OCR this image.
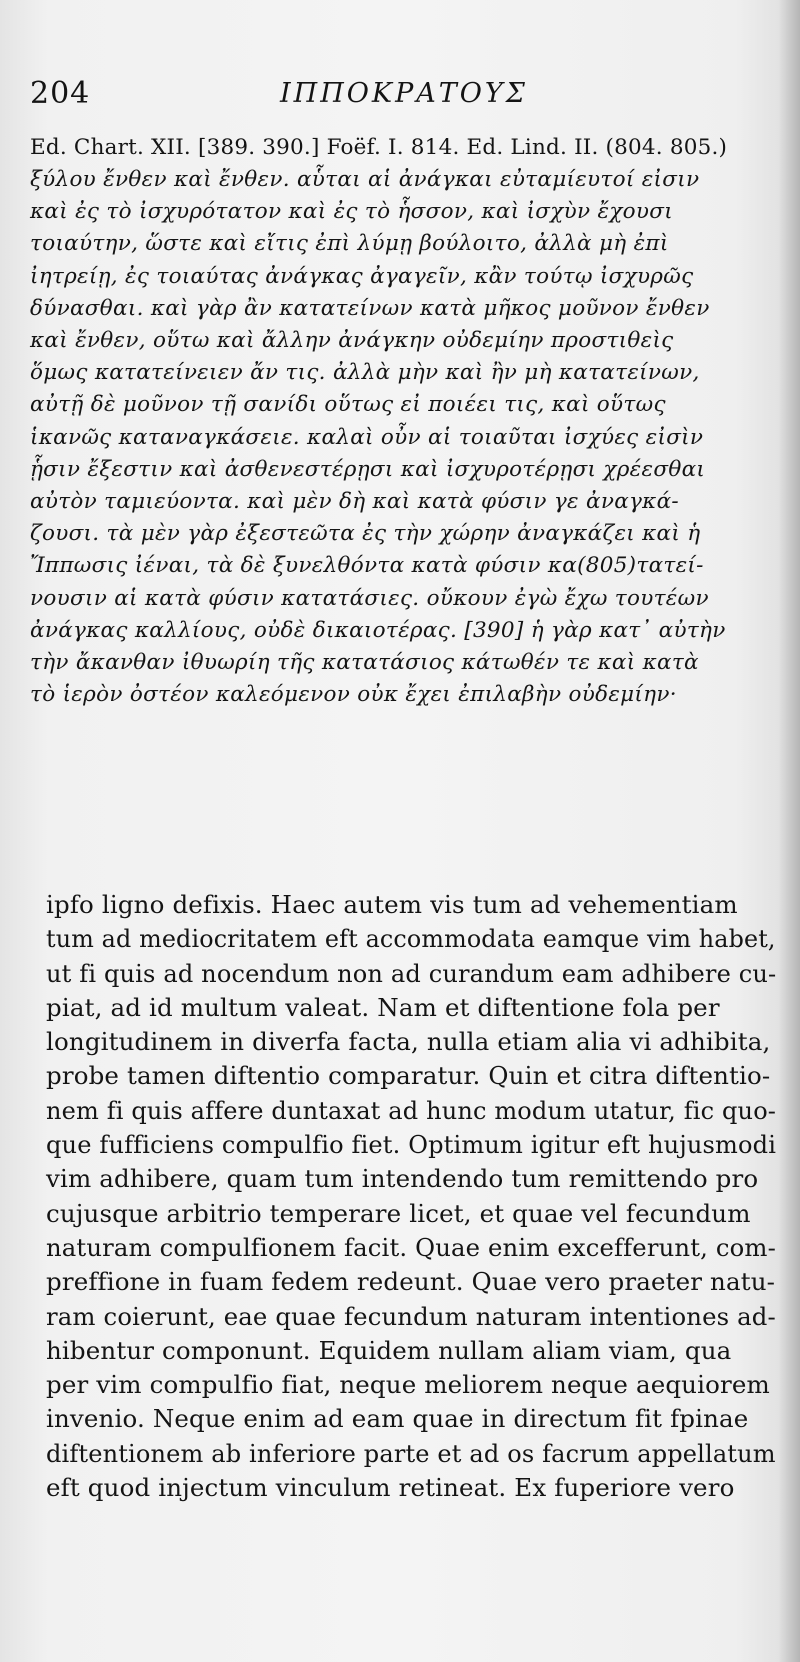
204	ΙΠΠΟΚΡΑΤΟΥΣ
Ed. Chart. XII. [389. 390.] Foëf. I. 814. Ed. Lind. II. (804. 805.)
ξύλου ἔνθεν καὶ ἔνθεν. αὗται αἱ ἀνάγκαι εὐταμίευτοί εἰσιν
καὶ ἐς τὸ ἰσχυρότατον καὶ ἐς τὸ ἧσσον, καὶ ἰσχὺν ἔχουσι
τοιαύτην, ὥστε καὶ εἴτις ἐπὶ λύμῃ βούλοιτο, ἀλλὰ μὴ ἐπὶ
ἰητρείῃ, ἐς τοιαύτας ἀνάγκας ἀγαγεῖν, κἂν τούτῳ ἰσχυρῶς
δύνασθαι. καὶ γὰρ ἂν κατατείνων κατὰ μῆκος μοῦνον ἔνθεν
καὶ ἔνθεν, οὕτω καὶ ἄλλην ἀνάγκην οὐδεμίην προστιθεὶς
ὅμως κατατείνειεν ἄν τις. ἀλλὰ μὴν καὶ ἢν μὴ κατατείνων,
αὐτῇ δὲ μοῦνον τῇ σανίδι οὕτως εἰ ποιέει τις, καὶ οὕτως
ἱκανῶς καταναγκάσειε. καλαὶ οὖν αἱ τοιαῦται ἰσχύες εἰσὶν
ᾗσιν ἔξεστιν καὶ ἀσθενεστέρῃσι καὶ ἰσχυροτέρῃσι χρέεσθαι
αὐτὸν ταμιεύοντα. καὶ μὲν δὴ καὶ κατὰ φύσιν γε ἀναγκά-
ζουσι. τὰ μὲν γὰρ ἐξεστεῶτα ἐς τὴν χώρην ἀναγκάζει καὶ ἡ
Ἴππωσις ἰέναι, τὰ δὲ ξυνελθόντα κατὰ φύσιν κα(805)τατεί-
νουσιν αἱ κατὰ φύσιν κατατάσιες. οὔκουν ἐγὼ ἔχω τουτέων
ἀνάγκας καλλίους, οὐδὲ δικαιοτέρας. [390] ἡ γὰρ κατ᾽ αὐτὴν
τὴν ἄκανθαν ἰθυωρίη τῆς κατατάσιος κάτωθέν τε καὶ κατὰ
τὸ ἱερὸν ὀστέον καλεόμενον οὐκ ἔχει ἐπιλαβὴν οὐδεμίην·
ipfo ligno defixis. Haec autem vis tum ad vehementiam
tum ad mediocritatem eft accommodata eamque vim habet,
ut fi quis ad nocendum non ad curandum eam adhibere cu-
piat, ad id multum valeat. Nam et diftentione fola per
longitudinem in diverfa facta, nulla etiam alia vi adhibita,
probe tamen diftentio comparatur. Quin et citra diftentio-
nem fi quis affere duntaxat ad hunc modum utatur, fic quo-
que fufficiens compulfio fiet. Optimum igitur eft hujusmodi
vim adhibere, quam tum intendendo tum remittendo pro
cujusque arbitrio temperare licet, et quae vel fecundum
naturam compulfionem facit. Quae enim excefferunt, com-
preffione in fuam fedem redeunt. Quae vero praeter natu-
ram coierunt, eae quae fecundum naturam intentiones ad-
hibentur componunt. Equidem nullam aliam viam, qua
per vim compulfio fiat, neque meliorem neque aequiorem
invenio. Neque enim ad eam quae in directum fit fpinae
diftentionem ab inferiore parte et ad os facrum appellatum
eft quod injectum vinculum retineat. Ex fuperiore vero
